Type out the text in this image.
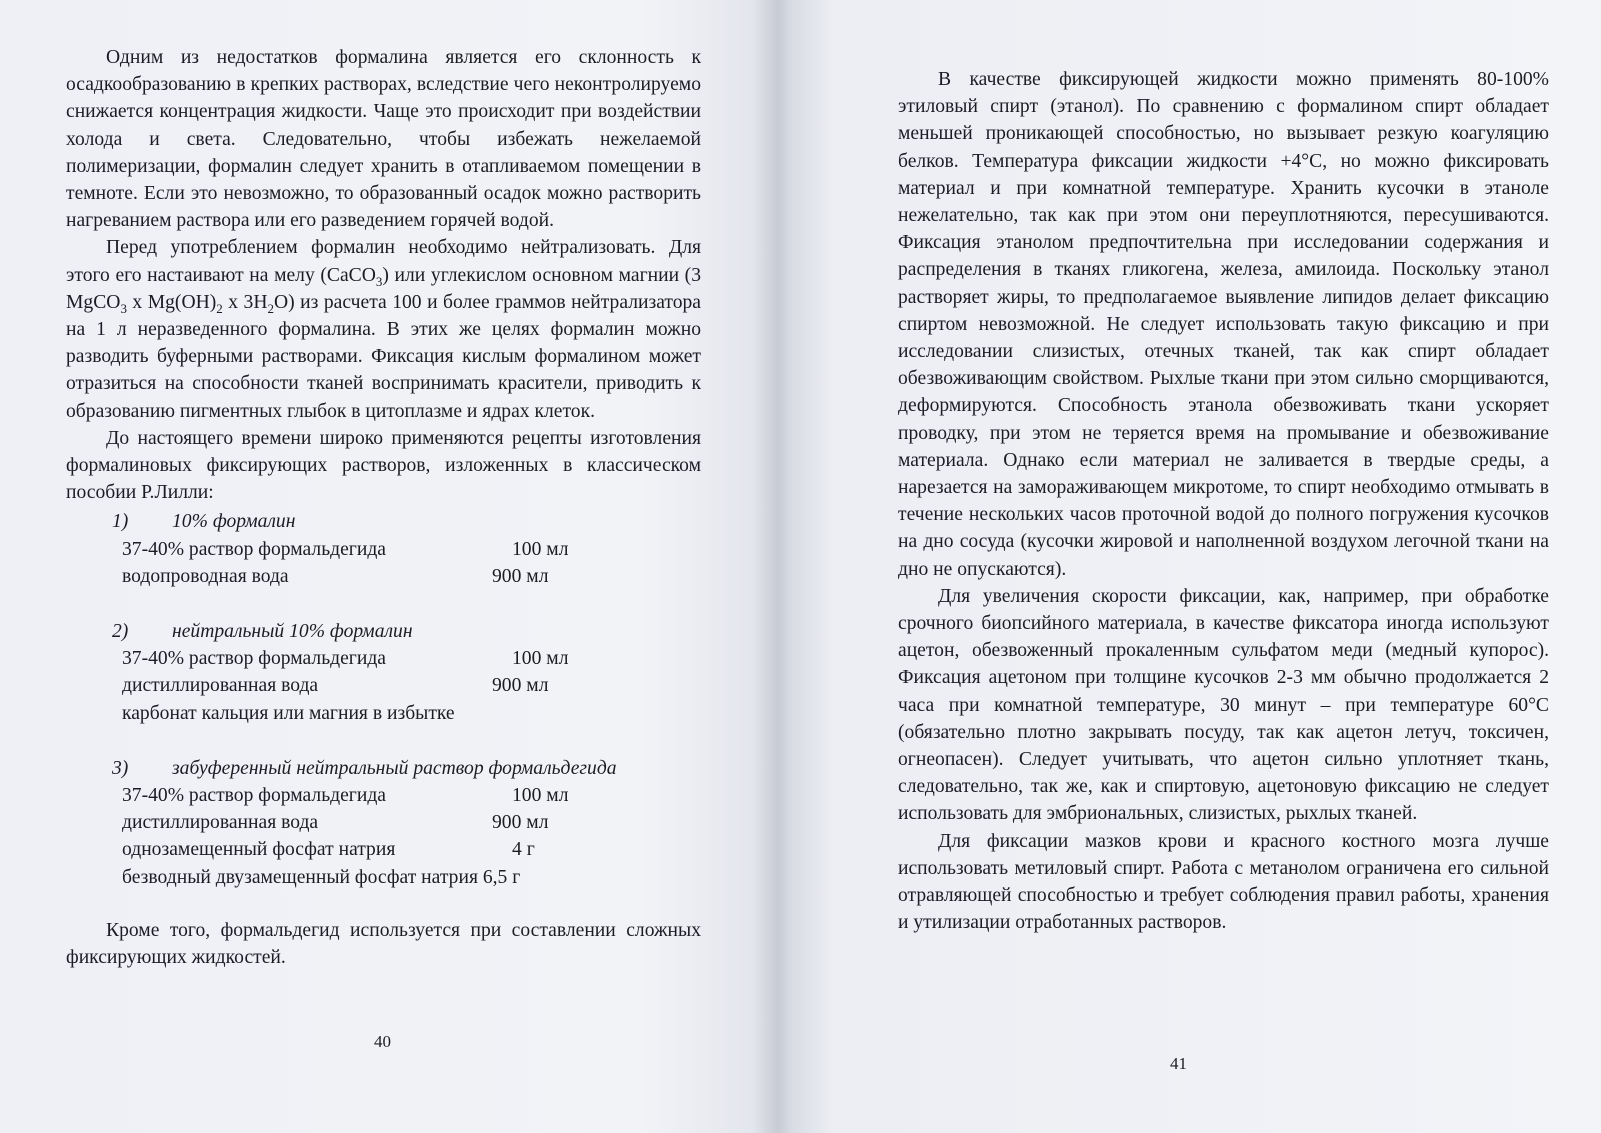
Одним из недостатков формалина является его склонность к осадкообразованию в крепких растворах, вследствие чего неконтролируемо снижается концентрация жидкости. Чаще это происходит при воздействии холода и света. Следовательно, чтобы избежать нежелаемой полимеризации, формалин следует хранить в отапливаемом помещении в темноте. Если это невозможно, то образованный осадок можно растворить нагреванием раствора или его разведением горячей водой.

Перед употреблением формалин необходимо нейтрализовать. Для этого его настаивают на мелу (CaCO$_3$) или углекислом основном магнии (3 MgCO$_3$ x $Mg(OH)_2$ x $3H_2O$) из расчета 100 и более граммов нейтрализатора на 1 л неразведенного формалина. В этих же целях формалин можно разводить буферными растворами. Фиксация кислым формалином может отразиться на способности тканей воспринимать красители, приводить к образованию пигментных глыбок в цитоплазме и ядрах клеток.

До настоящего времени широко применяются рецепты изготовления формалиновых фиксирующих растворов, изложенных в классическом пособии Р.Лилли:

1)	10% формалин
37-40% раствор формальдегида	100 мл
водопроводная вода	900 мл
2)	нейтральный 10% формалин
37-40% раствор формальдегида	100 мл
дистиллированная вода	900 мл
карбонат кальция или магния в избытке
3)	забуференный нейтральный раствор формальдегида
37-40% раствор формальдегида	100 мл
дистиллированная вода	900 мл
однозамещенный фосфат натрия	4 г
безводный двузамещенный фосфат натрия 6,5 г

Кроме того, формальдегид используется при составлении сложных фиксирующих жидкостей.

40

В качестве фиксирующей жидкости можно применять 80-100% этиловый спирт (этанол). По сравнению с формалином спирт обладает меньшей проникающей способностью, но вызывает резкую коагуляцию белков. Температура фиксации жидкости +4°С, но можно фиксировать материал и при комнатной температуре. Хранить кусочки в этаноле нежелательно, так как при этом они переуплотняются, пересушиваются. Фиксация этанолом предпочтительна при исследовании содержания и распределения в тканях гликогена, железа, амилоида. Поскольку этанол растворяет жиры, то предполагаемое выявление липидов делает фиксацию спиртом невозможной. Не следует использовать такую фиксацию и при исследовании слизистых, отечных тканей, так как спирт обладает обезвоживающим свойством. Рыхлые ткани при этом сильно сморщиваются, деформируются. Способность этанола обезвоживать ткани ускоряет проводку, при этом не теряется время на промывание и обезвоживание материала. Однако если материал не заливается в твердые среды, а нарезается на замораживающем микротоме, то спирт необходимо отмывать в течение нескольких часов проточной водой до полного погружения кусочков на дно сосуда (кусочки жировой и наполненной воздухом легочной ткани на дно не опускаются).

Для увеличения скорости фиксации, как, например, при обработке срочного биопсийного материала, в качестве фиксатора иногда используют ацетон, обезвоженный прокаленным сульфатом меди (медный купорос). Фиксация ацетоном при толщине кусочков 2-3 мм обычно продолжается 2 часа при комнатной температуре, 30 минут – при температуре 60°С (обязательно плотно закрывать посуду, так как ацетон летуч, токсичен, огнеопасен). Следует учитывать, что ацетон сильно уплотняет ткань, следовательно, так же, как и спиртовую, ацетоновую фиксацию не следует использовать для эмбриональных, слизистых, рыхлых тканей.

Для фиксации мазков крови и красного костного мозга лучше использовать метиловый спирт. Работа с метанолом ограничена его сильной отравляющей способностью и требует соблюдения правил работы, хранения и утилизации отработанных растворов.

41
